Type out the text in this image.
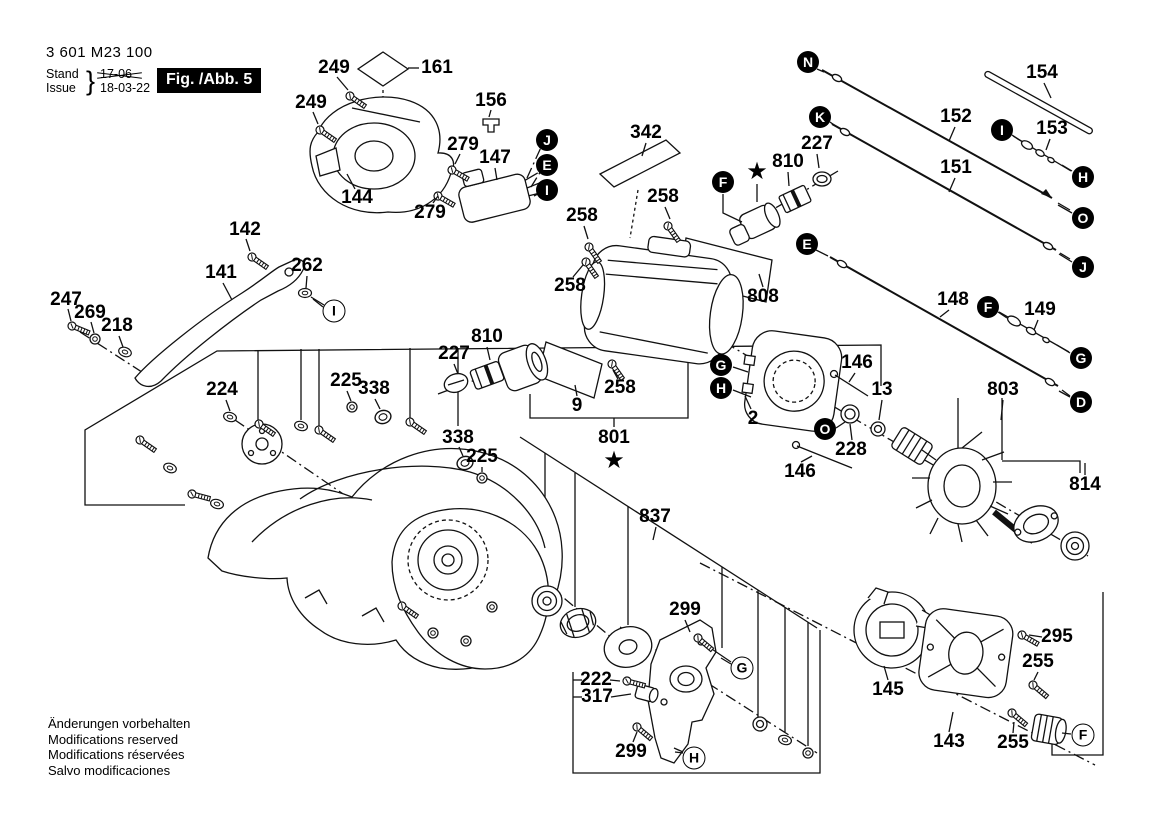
3 601 M23 100
Stand
Issue } 17-06
18-03-22 Fig. /Abb. 5
Änderungen vorbehalten
Modifications reserved
Modifications réservées
Salvo modificaciones
249	161
249	156
279
147
342
227
810
154
152
153
151
144
279
258
258
142
141	262
247
269
218
258
808	148	149
227
810
224	225
338
338
225
9
258
801
2
146
13
228
146
803
814
837
299
222
317
299
145
143
295
255
255
J
E
I
N
K
F
E
I
H
O
J
F
G
D
G
H
O
I
G
H
F
★
★
